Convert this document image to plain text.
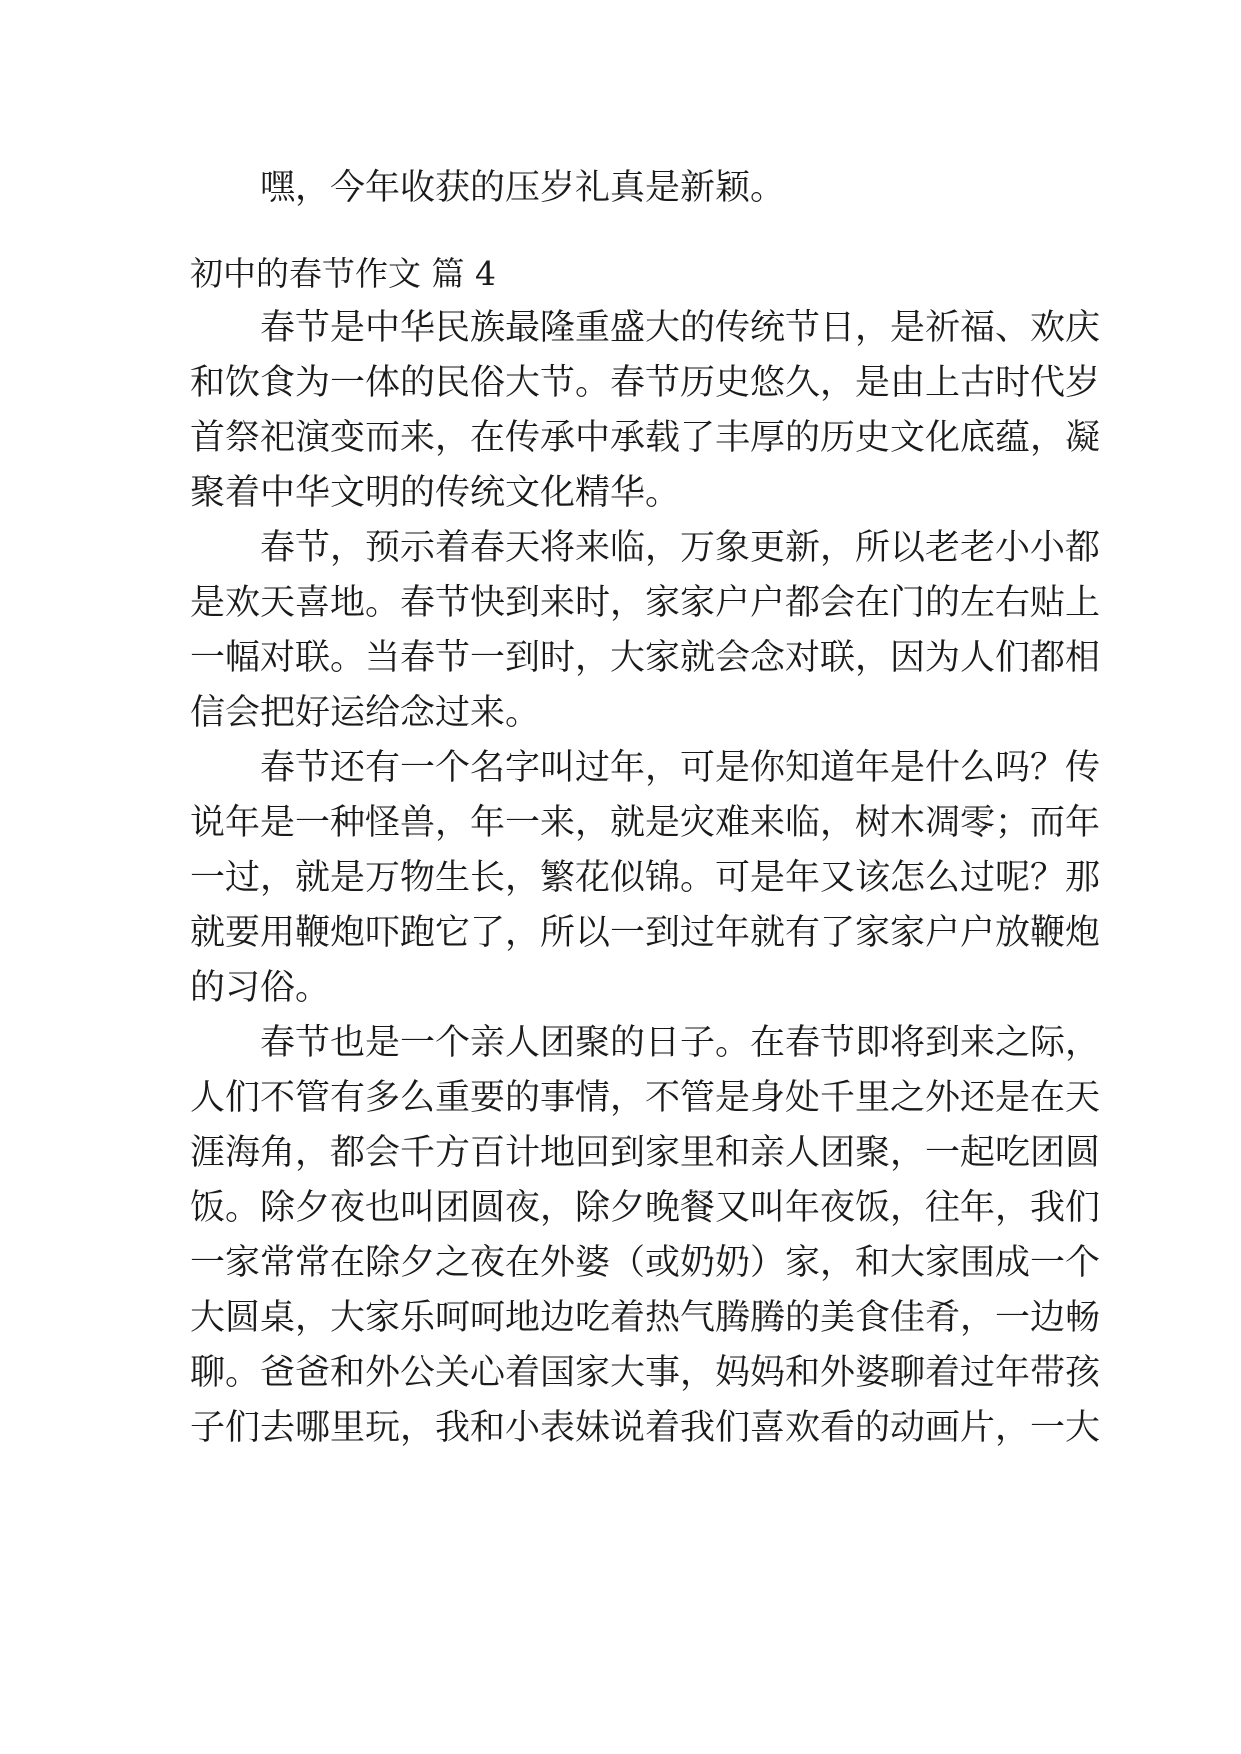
　　嘿，今年收获的压岁礼真是新颖。
初中的春节作文 篇 4
　　春节是中华民族最隆重盛大的传统节日，是祈福、欢庆
和饮食为一体的民俗大节。春节历史悠久，是由上古时代岁
首祭祀演变而来，在传承中承载了丰厚的历史文化底蕴，凝
聚着中华文明的传统文化精华。
　　春节，预示着春天将来临，万象更新，所以老老小小都
是欢天喜地。春节快到来时，家家户户都会在门的左右贴上
一幅对联。当春节一到时，大家就会念对联，因为人们都相
信会把好运给念过来。
　　春节还有一个名字叫过年，可是你知道年是什么吗？传
说年是一种怪兽，年一来，就是灾难来临，树木凋零；而年
一过，就是万物生长，繁花似锦。可是年又该怎么过呢？那
就要用鞭炮吓跑它了，所以一到过年就有了家家户户放鞭炮
的习俗。
　　春节也是一个亲人团聚的日子。在春节即将到来之际，
人们不管有多么重要的事情，不管是身处千里之外还是在天
涯海角，都会千方百计地回到家里和亲人团聚，一起吃团圆
饭。除夕夜也叫团圆夜，除夕晚餐又叫年夜饭，往年，我们
一家常常在除夕之夜在外婆（或奶奶）家，和大家围成一个
大圆桌，大家乐呵呵地边吃着热气腾腾的美食佳肴，一边畅
聊。爸爸和外公关心着国家大事，妈妈和外婆聊着过年带孩
子们去哪里玩，我和小表妹说着我们喜欢看的动画片，一大
